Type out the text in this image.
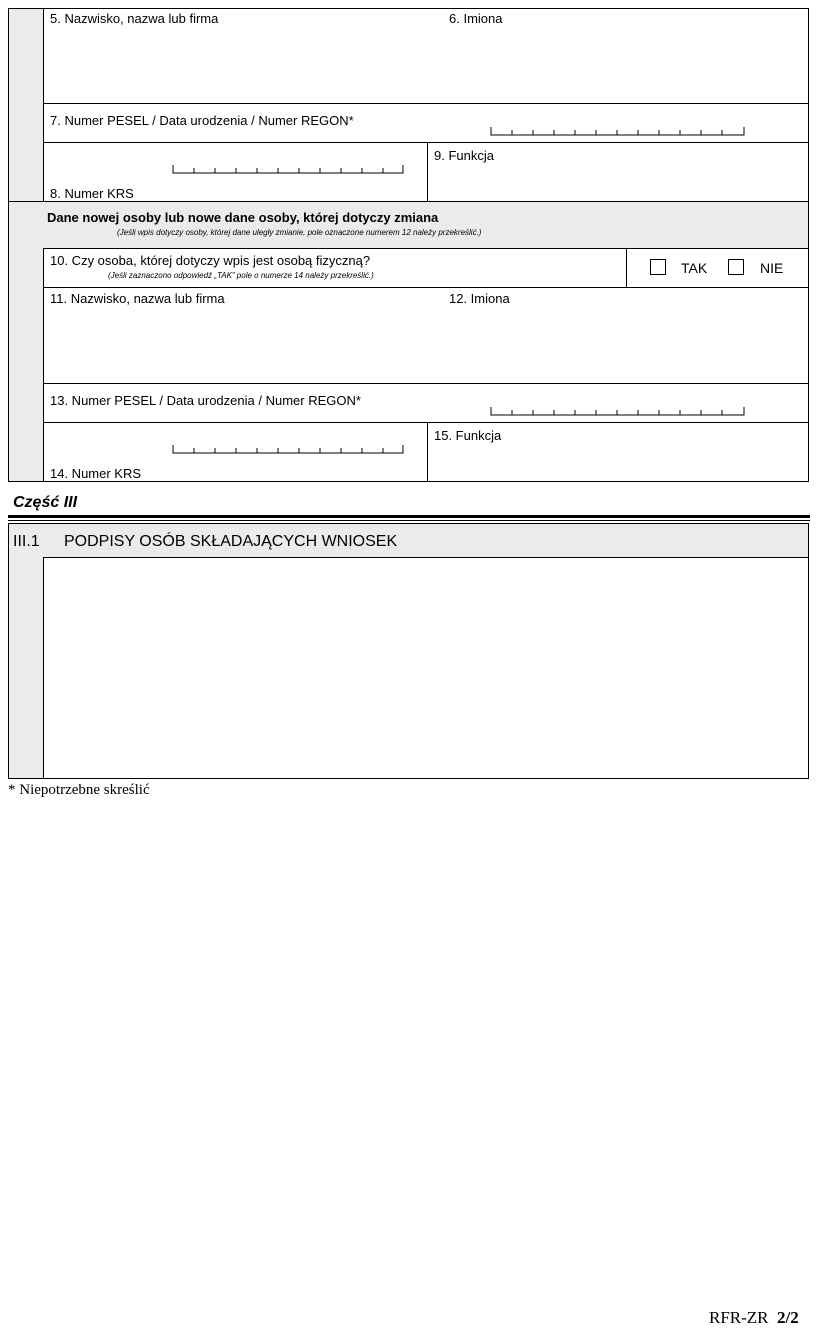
5. Nazwisko, nazwa lub firma	6. Imiona
7. Numer PESEL / Data urodzenia / Numer REGON*
8. Numer KRS
9. Funkcja
Dane nowej osoby lub nowe dane osoby, której dotyczy zmiana
(Jeśli wpis dotyczy osoby, której dane uległy zmianie, pole oznaczone numerem 12 należy przekreślić.)
10. Czy osoba, której dotyczy wpis jest osobą fizyczną?
(Jeśli zaznaczono odpowiedź „TAK” pole o numerze 14 należy przekreślić.)	TAK	NIE
11. Nazwisko, nazwa lub firma	12. Imiona
13. Numer PESEL / Data urodzenia / Numer REGON*
14. Numer KRS
15. Funkcja
Część III
III.1 PODPISY OSÓB SKŁADAJĄCYCH WNIOSEK
* Niepotrzebne skreślić
RFR-ZR 2/2
